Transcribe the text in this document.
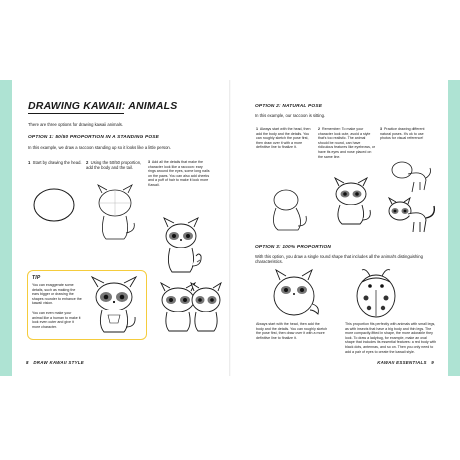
DRAWING KAWAII: ANIMALS
There are three options for drawing kawaii animals.
OPTION 1: 50/50 PROPORTION IN A STANDING POSE
In this example, we draw a raccoon standing up so it looks like a little person.
1 Start by drawing the head.	2 Using the 50/50 proportion, add the body and the tail.
3 Add all the details that make the character look like a raccoon: eary rings around the eyes, some long nails on the paws. You can also add cheeks and a puff of hair to make it look more Kawaii.
TIP
You can exaggerate some details, such as making the ears bigger or drawing the shapes rounder to enhance the kawaii vision.
You can even make your animal like a human to make it look even cuter and give it more character.
8 DRAW KAWAII STYLE
OPTION 2: NATURAL POSE
In this example, our raccoon is sitting.
1 Always start with the head, then add the body and the details. You can roughly sketch the pose first, then draw over it with a more definitive line to finalize it.
2 Remember: To make your character look cute, avoid a style that's too realistic. The animal should be round, can have ridiculous features like eyebrows, or have its eyes and nose placed on the same line.
3 Practice drawing different natural poses. It's ok to use photos for visual reference!
OPTION 3: 100% PROPORTION
With this option, you draw a single round shape that includes all the animal's distinguishing characteristics.
Always start with the head, then add the body and the details. You can roughly sketch the pose first, then draw over it with a more definitive line to finalize it.
This proportion fits perfectly with animals with small legs, as with insects that have a big body and thin legs. The more compactly-fitted in shape, the more adorable they look. To draw a ladybug, for example, make an oval shape that includes its essential features: a red body with black dots, antennas, and so on. Then you only need to add a pair of eyes to create the kawaii style.
KAWAII ESSENTIALS 9
